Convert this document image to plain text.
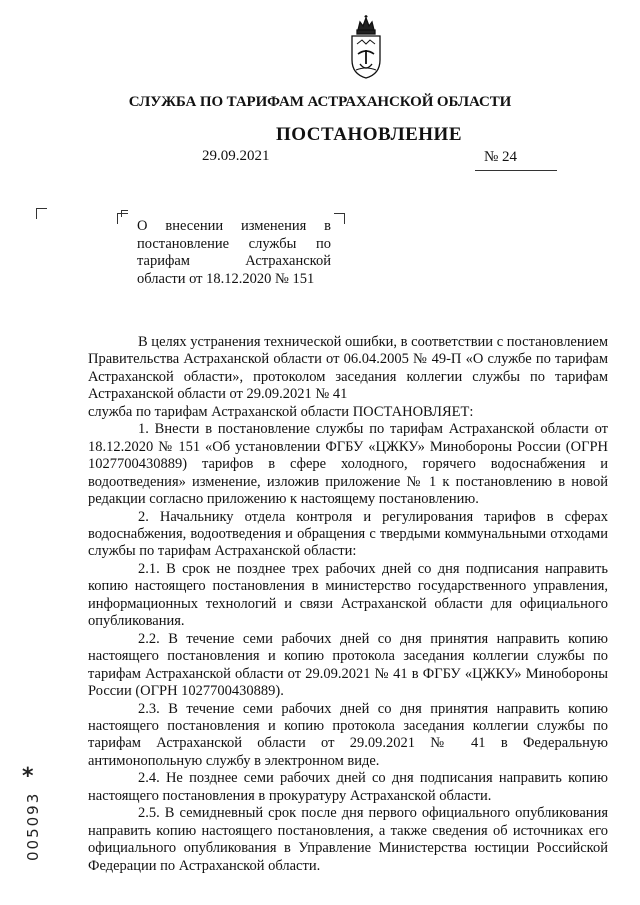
СЛУЖБА ПО ТАРИФАМ АСТРАХАНСКОЙ ОБЛАСТИ
ПОСТАНОВЛЕНИЕ
29.09.2021	№ 24
О внесении изменения в постановление службы по тарифам Астраханской области от 18.12.2020 № 151

В целях устранения технической ошибки, в соответствии с постановлением Правительства Астраханской области от 06.04.2005 № 49-П «О службе по тарифам Астраханской области», протоколом заседания коллегии службы по тарифам Астраханской области от 29.09.2021 № 41

служба по тарифам Астраханской области ПОСТАНОВЛЯЕТ:

1. Внести в постановление службы по тарифам Астраханской области от 18.12.2020 № 151 «Об установлении ФГБУ «ЦЖКУ» Минобороны России (ОГРН 1027700430889) тарифов в сфере холодного, горячего водоснабжения и водоотведения» изменение, изложив приложение № 1 к постановлению в новой редакции согласно приложению к настоящему постановлению.

2. Начальнику отдела контроля и регулирования тарифов в сферах водоснабжения, водоотведения и обращения с твердыми коммунальными отходами службы по тарифам Астраханской области:

2.1. В срок не позднее трех рабочих дней со дня подписания направить копию настоящего постановления в министерство государственного управления, информационных технологий и связи Астраханской области для официального опубликования.

2.2. В течение семи рабочих дней со дня принятия направить копию настоящего постановления и копию протокола заседания коллегии службы по тарифам Астраханской области от 29.09.2021 № 41 в ФГБУ «ЦЖКУ» Минобороны России (ОГРН 1027700430889).

2.3. В течение семи рабочих дней со дня принятия направить копию настоящего постановления и копию протокола заседания коллегии службы по тарифам Астраханской области от 29.09.2021 № 41 в Федеральную антимонопольную службу в электронном виде.

2.4. Не позднее семи рабочих дней со дня подписания направить копию настоящего постановления в прокуратуру Астраханской области.

2.5. В семидневный срок после дня первого официального опубликования направить копию настоящего постановления, а также сведения об источниках его официального опубликования в Управление Министерства юстиции Российской Федерации по Астраханской области.

*
005093
